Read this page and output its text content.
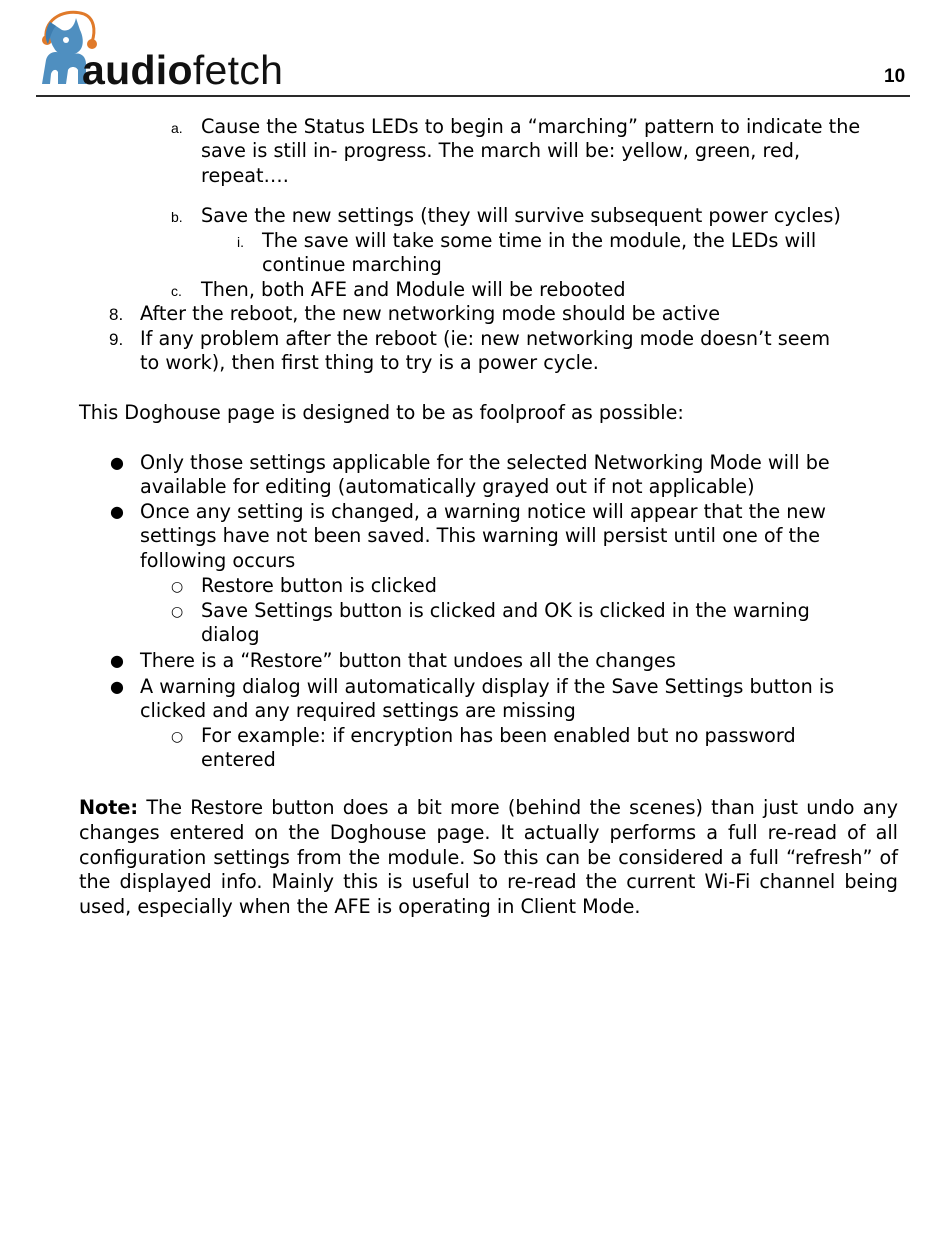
audiofetch	10
a. Cause the Status LEDs to begin a “marching” pattern to indicate the
save is still in- progress. The march will be: yellow, green, red,
repeat….
b. Save the new settings (they will survive subsequent power cycles)
i. The save will take some time in the module, the LEDs will
continue marching
c. Then, both AFE and Module will be rebooted
8. After the reboot, the new networking mode should be active
9. If any problem after the reboot (ie: new networking mode doesn’t seem
to work), then first thing to try is a power cycle.
This Doghouse page is designed to be as foolproof as possible:
● Only those settings applicable for the selected Networking Mode will be
available for editing (automatically grayed out if not applicable)
● Once any setting is changed, a warning notice will appear that the new
settings have not been saved. This warning will persist until one of the
following occurs
○ Restore button is clicked
○ Save Settings button is clicked and OK is clicked in the warning
dialog
● There is a “Restore” button that undoes all the changes
● A warning dialog will automatically display if the Save Settings button is
clicked and any required settings are missing
○ For example: if encryption has been enabled but no password
entered
Note: The Restore button does a bit more (behind the scenes) than just undo any changes entered on the Doghouse page. It actually performs a full re-read of all configuration settings from the module. So this can be considered a full “refresh” of the displayed info. Mainly this is useful to re-read the current Wi-Fi channel being used, especially when the AFE is operating in Client Mode.
